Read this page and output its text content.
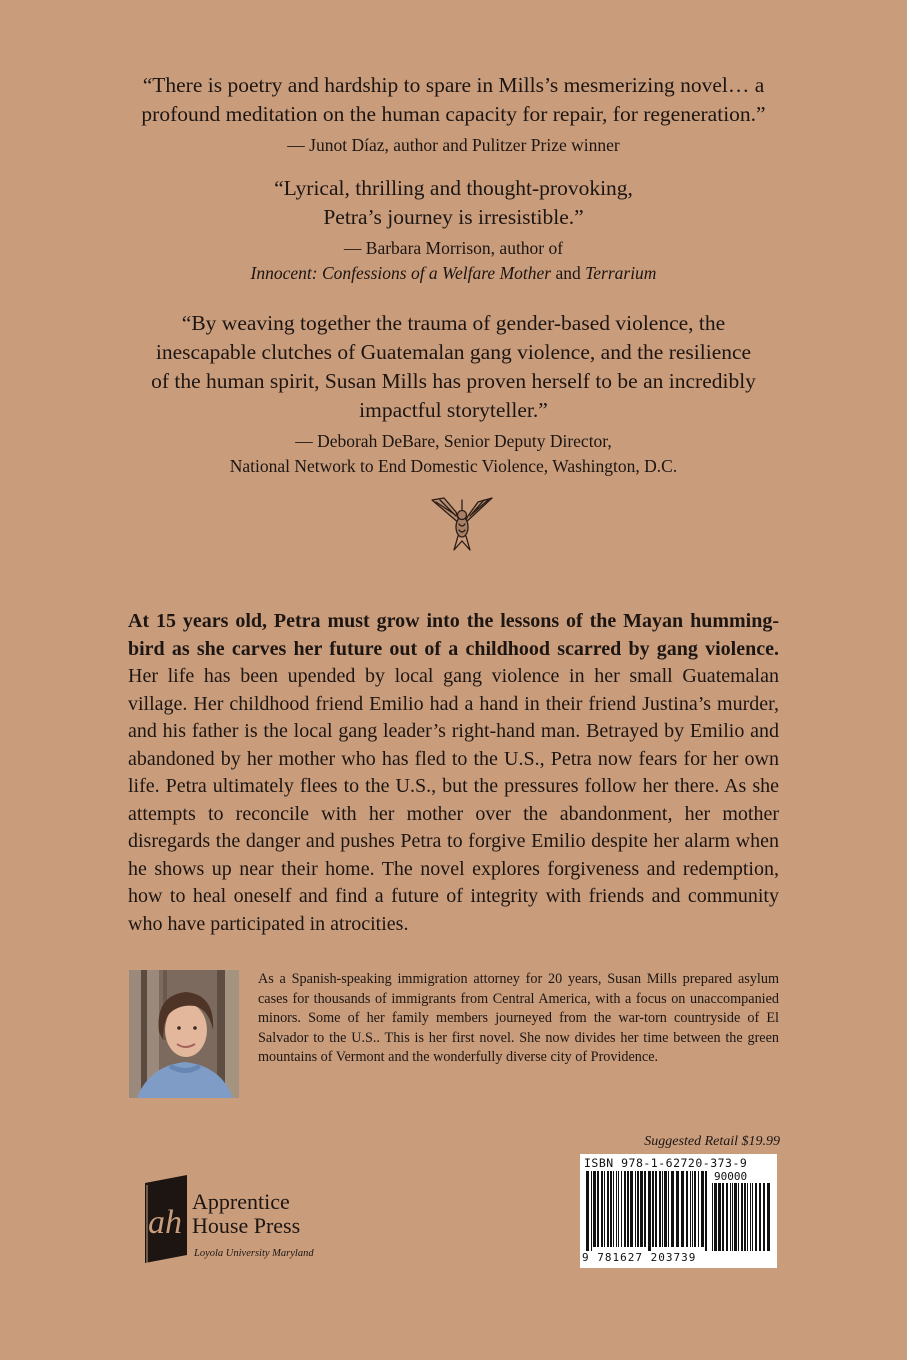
“There is poetry and hardship to spare in Mills’s mesmerizing novel… a
profound meditation on the human capacity for repair, for regeneration.”
— Junot Díaz, author and Pulitzer Prize winner
“Lyrical, thrilling and thought-provoking,
Petra’s journey is irresistible.”
— Barbara Morrison, author of
Innocent: Confessions of a Welfare Mother and Terrarium
“By weaving together the trauma of gender-based violence, the
inescapable clutches of Guatemalan gang violence, and the resilience
of the human spirit, Susan Mills has proven herself to be an incredibly
impactful storyteller.”
— Deborah DeBare, Senior Deputy Director,
National Network to End Domestic Violence, Washington, D.C.
At 15 years old, Petra must grow into the lessons of the Mayan hummingbird as she carves her future out of a childhood scarred by gang violence. Her life has been upended by local gang violence in her small Guatemalan village. Her childhood friend Emilio had a hand in their friend Justina’s murder, and his father is the local gang leader’s right-hand man. Betrayed by Emilio and abandoned by her mother who has fled to the U.S., Petra now fears for her own life. Petra ultimately flees to the U.S., but the pressures follow her there. As she attempts to reconcile with her mother over the abandonment, her mother disregards the danger and pushes Petra to forgive Emilio despite her alarm when he shows up near their home. The novel explores forgiveness and redemption, how to heal oneself and find a future of integrity with friends and community who have participated in atrocities.
As a Spanish-speaking immigration attorney for 20 years, Susan Mills prepared asylum cases for thousands of immigrants from Central America, with a focus on unaccompanied minors. Some of her family members journeyed from the war-torn countryside of El Salvador to the U.S.. This is her first novel. She now divides her time between the green mountains of Vermont and the wonderfully diverse city of Providence.
Suggested Retail $19.99
ISBN 978-1-62720-373-9
90000
9 781627 203739
ah
Apprentice
House Press
Loyola University Maryland
